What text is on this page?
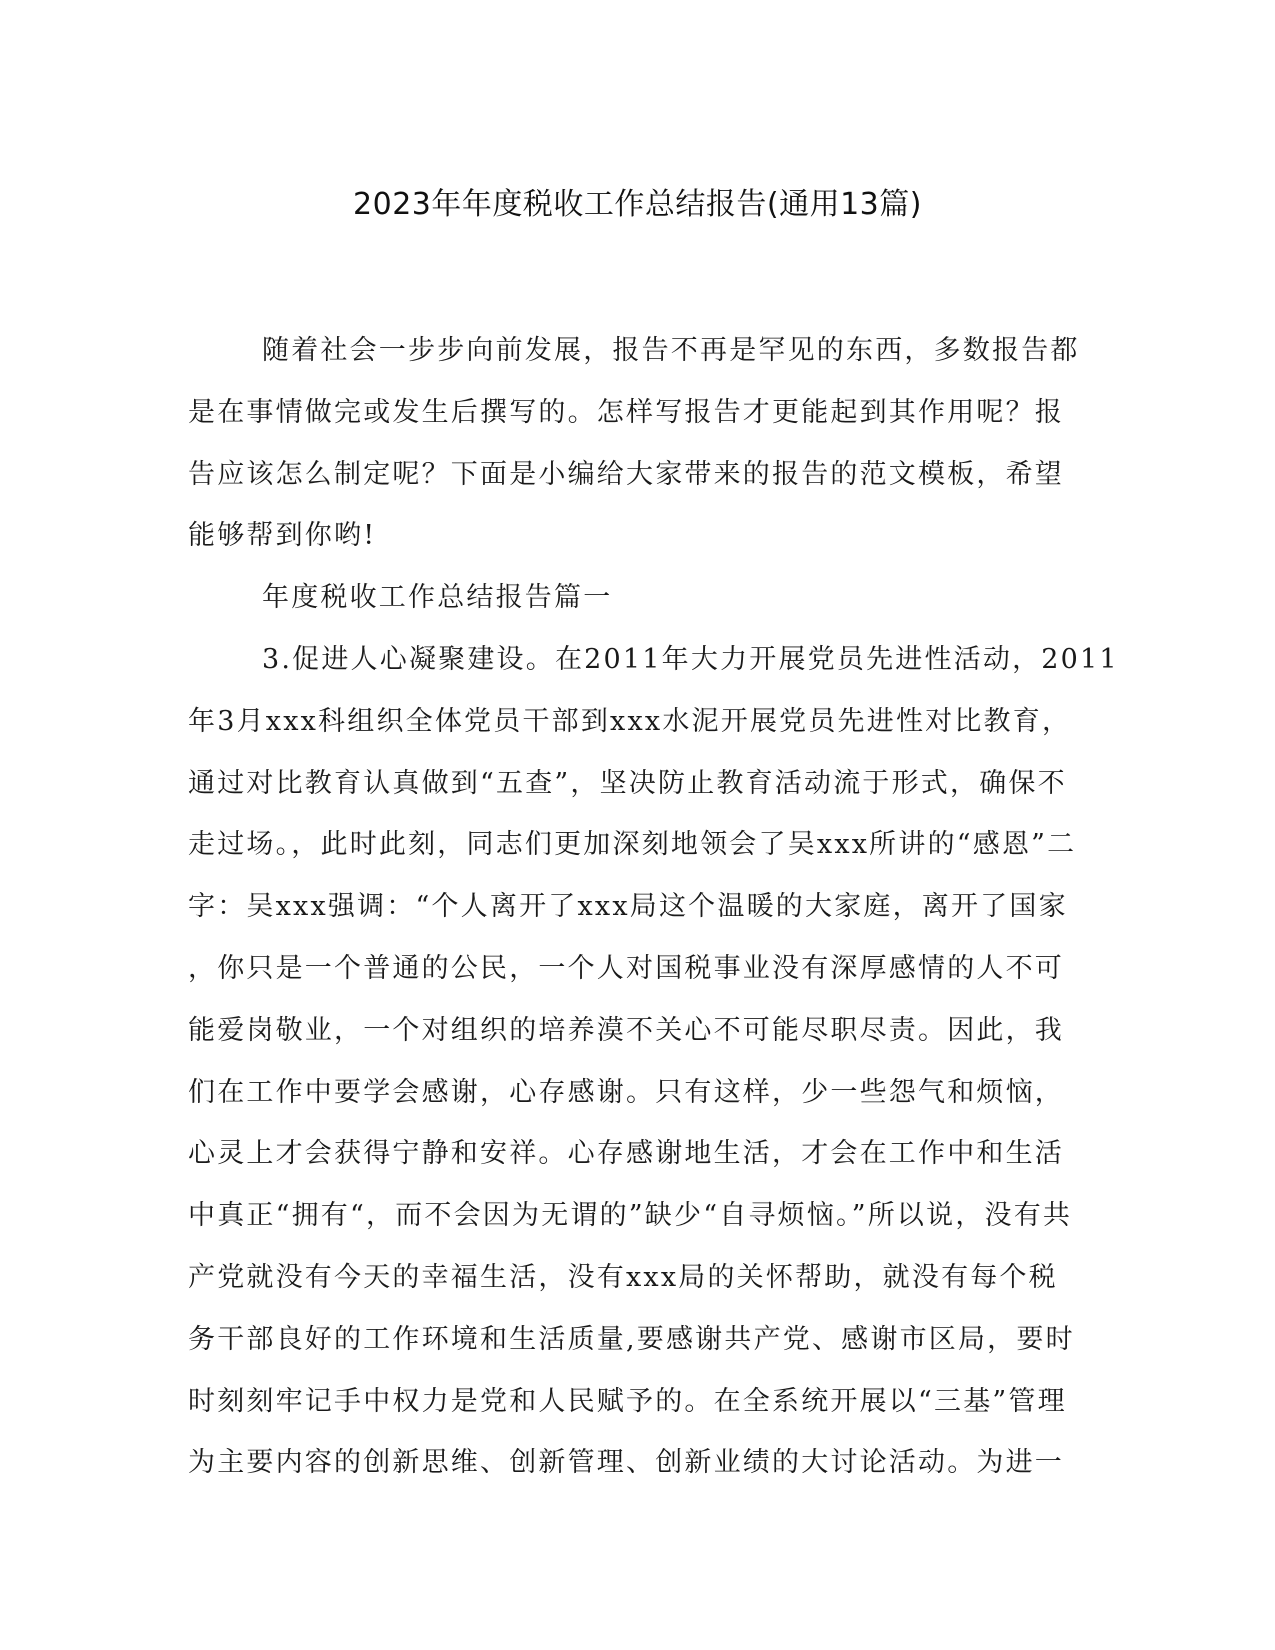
2023年年度税收工作总结报告(通用13篇)
随着社会一步步向前发展，报告不再是罕见的东西，多数报告都
是在事情做完或发生后撰写的。怎样写报告才更能起到其作用呢？报
告应该怎么制定呢？下面是小编给大家带来的报告的范文模板，希望
能够帮到你哟!
年度税收工作总结报告篇一
3.促进人心凝聚建设。在2011年大力开展党员先进性活动，2011
年3月xxx科组织全体党员干部到xxx水泥开展党员先进性对比教育，
通过对比教育认真做到“五查”，坚决防止教育活动流于形式，确保不
走过场。，此时此刻，同志们更加深刻地领会了吴xxx所讲的“感恩”二
字：吴xxx强调：“个人离开了xxx局这个温暖的大家庭，离开了国家
，你只是一个普通的公民，一个人对国税事业没有深厚感情的人不可
能爱岗敬业，一个对组织的培养漠不关心不可能尽职尽责。因此，我
们在工作中要学会感谢，心存感谢。只有这样，少一些怨气和烦恼，
心灵上才会获得宁静和安祥。心存感谢地生活，才会在工作中和生活
中真正“拥有“，而不会因为无谓的”缺少“自寻烦恼。”所以说，没有共
产党就没有今天的幸福生活，没有xxx局的关怀帮助，就没有每个税
务干部良好的工作环境和生活质量,要感谢共产党、感谢市区局，要时
时刻刻牢记手中权力是党和人民赋予的。在全系统开展以“三基”管理
为主要内容的创新思维、创新管理、创新业绩的大讨论活动。为进一
